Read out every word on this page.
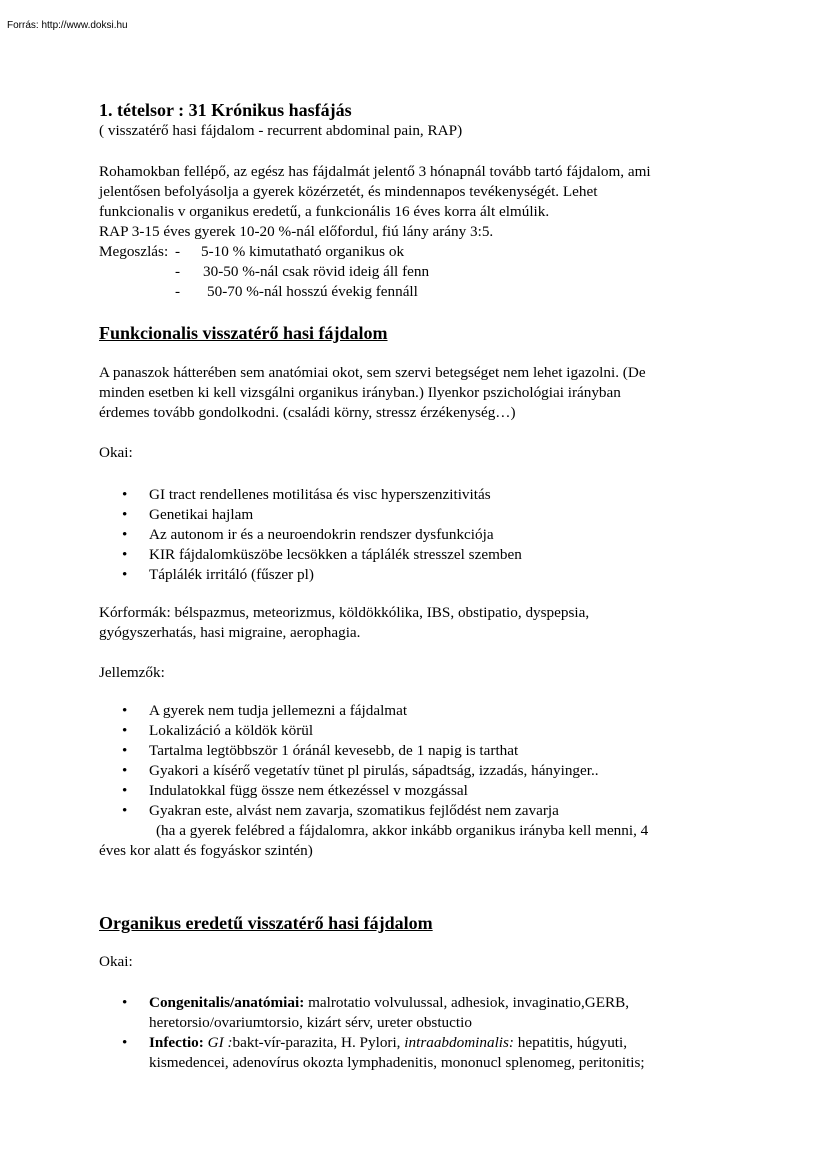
Forrás: http://www.doksi.hu
1. tételsor : 31 Krónikus hasfájás

( visszatérő hasi fájdalom - recurrent abdominal pain, RAP)

Rohamokban fellépő, az egész has fájdalmát jelentő 3 hónapnál tovább tartó fájdalom, ami
jelentősen befolyásolja a gyerek közérzetét, és mindennapos tevékenységét. Lehet
funkcionalis v organikus eredetű, a funkcionális 16 éves korra ált elmúlik.
RAP 3-15 éves gyerek 10-20 %-nál előfordul, fiú lány arány 3:5.
Megoszlás: -	5-10 % kimutatható organikus ok
-	30-50 %-nál csak rövid ideig áll fenn
-	50-70 %-nál hosszú évekig fennáll
Funkcionalis visszatérő hasi fájdalom
A panaszok hátterében sem anatómiai okot, sem szervi betegséget nem lehet igazolni. (De
minden esetben ki kell vizsgálni organikus irányban.) Ilyenkor pszichológiai irányban
érdemes tovább gondolkodni. (családi körny, stressz érzékenység…)

Okai:

• GI tract rendellenes motilitása és visc hyperszenzitivitás
• Genetikai hajlam
• Az autonom ir és a neuroendokrin rendszer dysfunkciója
• KIR fájdalomküszöbe lecsökken a táplálék stresszel szemben
• Táplálék irritáló (fűszer pl)
Kórformák: bélspazmus, meteorizmus, köldökkólika, IBS, obstipatio, dyspepsia,
gyógyszerhatás, hasi migraine, aerophagia.

Jellemzők:

• A gyerek nem tudja jellemezni a fájdalmat
• Lokalizáció a köldök körül
• Tartalma legtöbbször 1 óránál kevesebb, de 1 napig is tarthat
• Gyakori a kísérő vegetatív tünet pl pirulás, sápadtság, izzadás, hányinger..
• Indulatokkal függ össze nem étkezéssel v mozgással
• Gyakran este, alvást nem zavarja, szomatikus fejlődést nem zavarja
(ha a gyerek felébred a fájdalomra, akkor inkább organikus irányba kell menni, 4
éves kor alatt és fogyáskor szintén)
Organikus eredetű visszatérő hasi fájdalom

Okai:

• Congenitalis/anatómiai: malrotatio volvulussal, adhesiok, invaginatio,GERB,
heretorsio/ovariumtorsio, kizárt sérv, ureter obstuctio
• Infectio: GI :bakt-vír-parazita, H. Pylori, intraabdominalis: hepatitis, húgyuti,
kismedencei, adenovírus okozta lymphadenitis, mononucl splenomeg, peritonitis;
